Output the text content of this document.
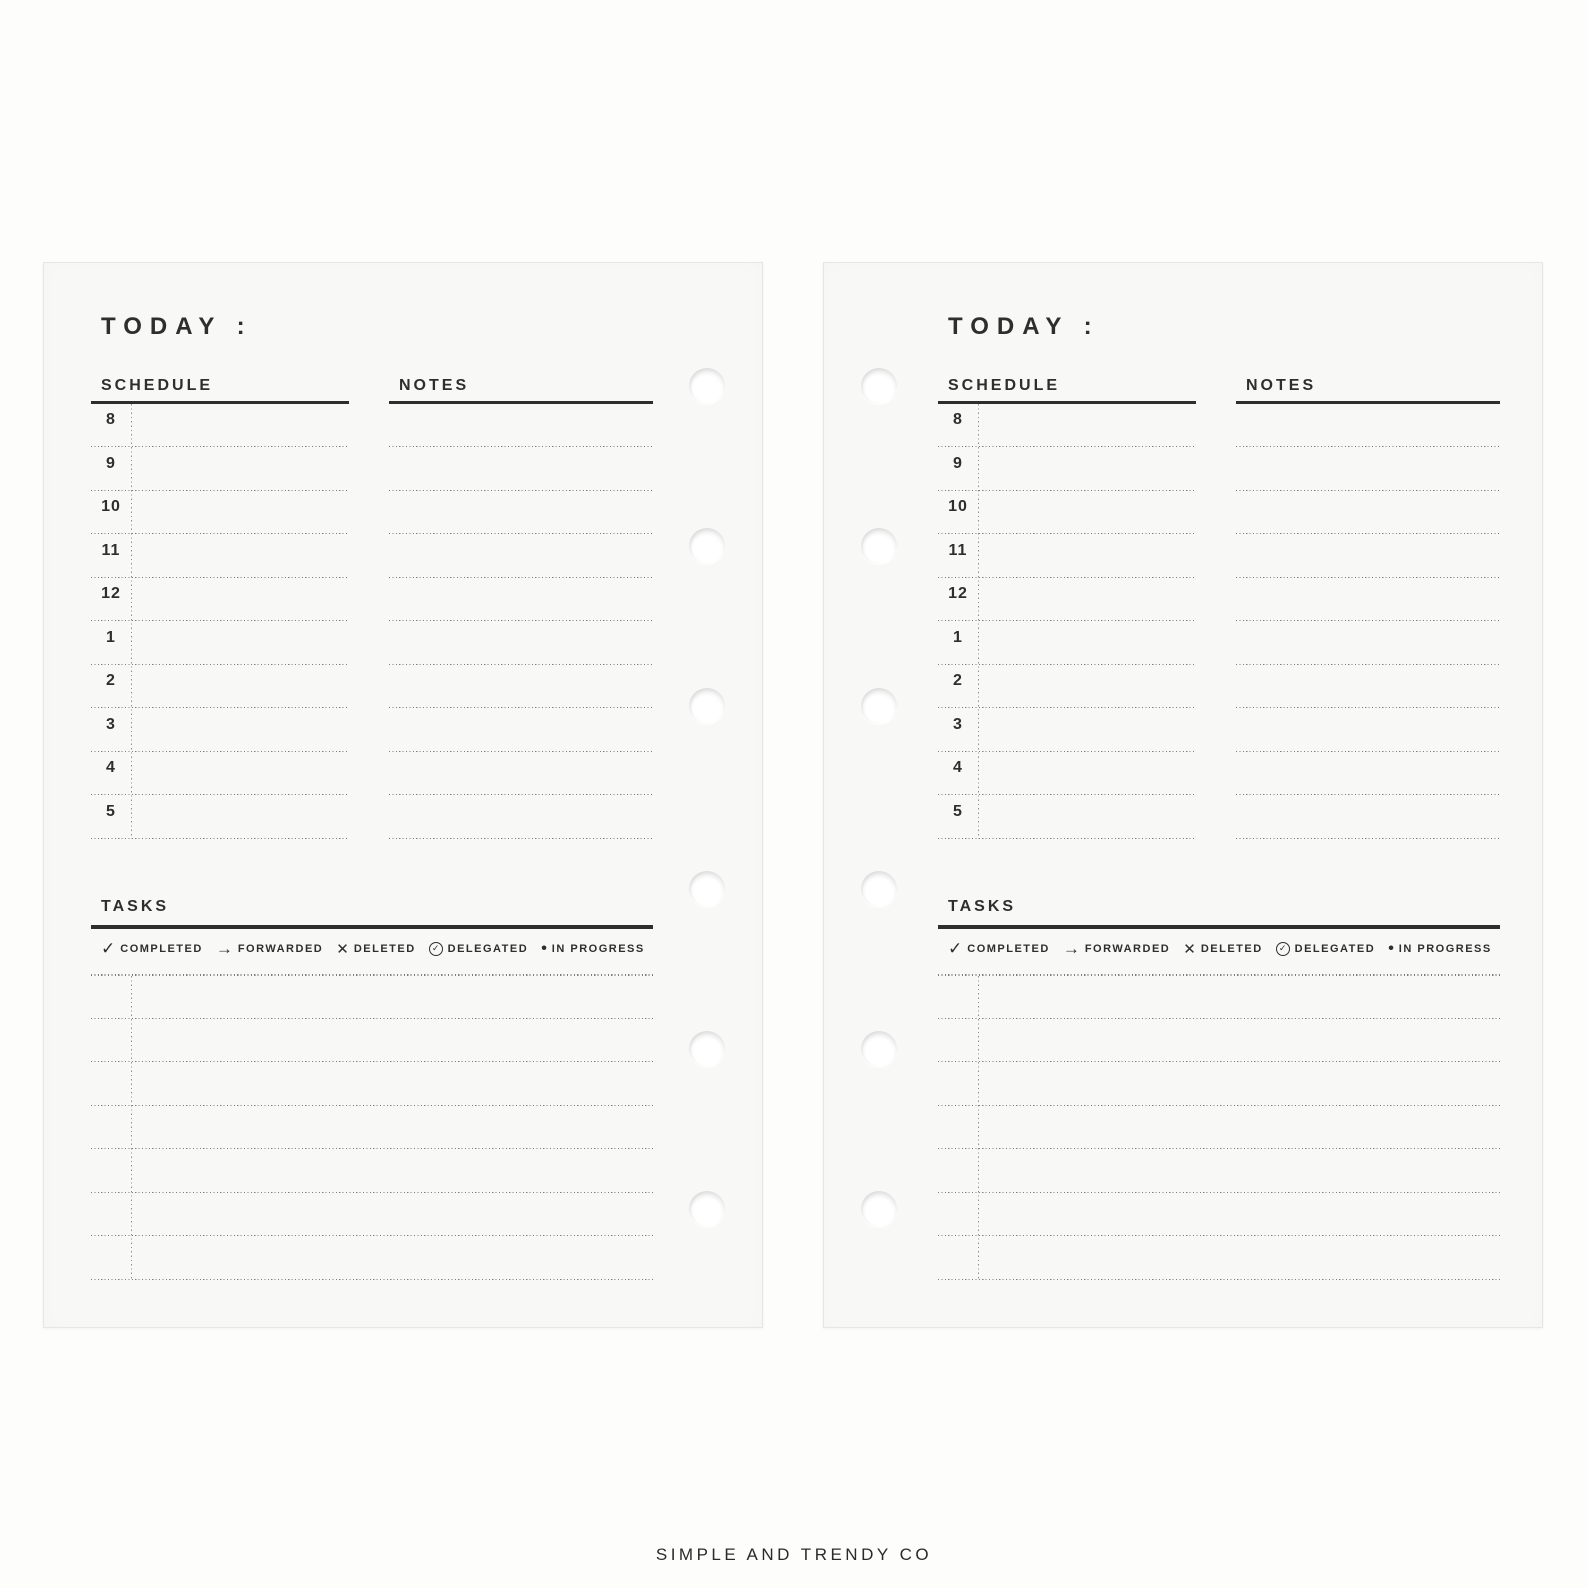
TODAY :
SCHEDULE
8
9
10
11
12
1
2
3
4
5
NOTES
TASKS
✓ COMPLETED → FORWARDED ✕ DELETED	✓ DELEGATED • IN PROGRESS
TODAY :
SCHEDULE
8
9
10
11
12
1
2
3
4
5
NOTES
TASKS
✓ COMPLETED → FORWARDED ✕ DELETED	✓ DELEGATED • IN PROGRESS
SIMPLE AND TRENDY CO
